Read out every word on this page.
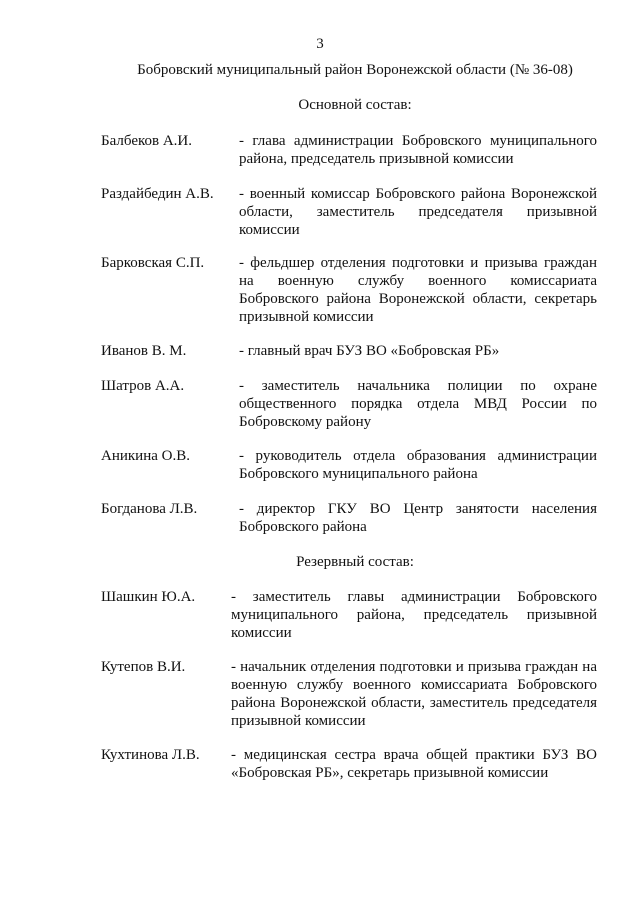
3
Бобровский муниципальный район Воронежской области (№ 36-08)
Основной состав:
Балбеков А.И.	- глава администрации Бобровского муниципального района, председатель призывной комиссии
Раздайбедин А.В. - военный комиссар Бобровского района Воронежской области, заместитель председателя призывной комиссии
Барковская С.П. - фельдшер отделения подготовки и призыва граждан на военную службу военного комиссариата Бобровского района Воронежской области, секретарь призывной комиссии
Иванов В. М.	- главный врач БУЗ ВО «Бобровская РБ»
Шатров А.А.	- заместитель начальника полиции по охране общественного порядка отдела МВД России по Бобровскому району
Аникина О.В.	- руководитель отдела образования администрации Бобровского муниципального района
Богданова Л.В.	- директор ГКУ ВО Центр занятости населения Бобровского района
Резервный состав:
Шашкин Ю.А. - заместитель главы администрации Бобровского муниципального района, председатель призывной комиссии
Кутепов В.И.	- начальник отделения подготовки и призыва граждан на военную службу военного комиссариата Бобровского района Воронежской области, заместитель председателя призывной комиссии
Кухтинова Л.В. - медицинская сестра врача общей практики БУЗ ВО «Бобровская РБ», секретарь призывной комиссии
